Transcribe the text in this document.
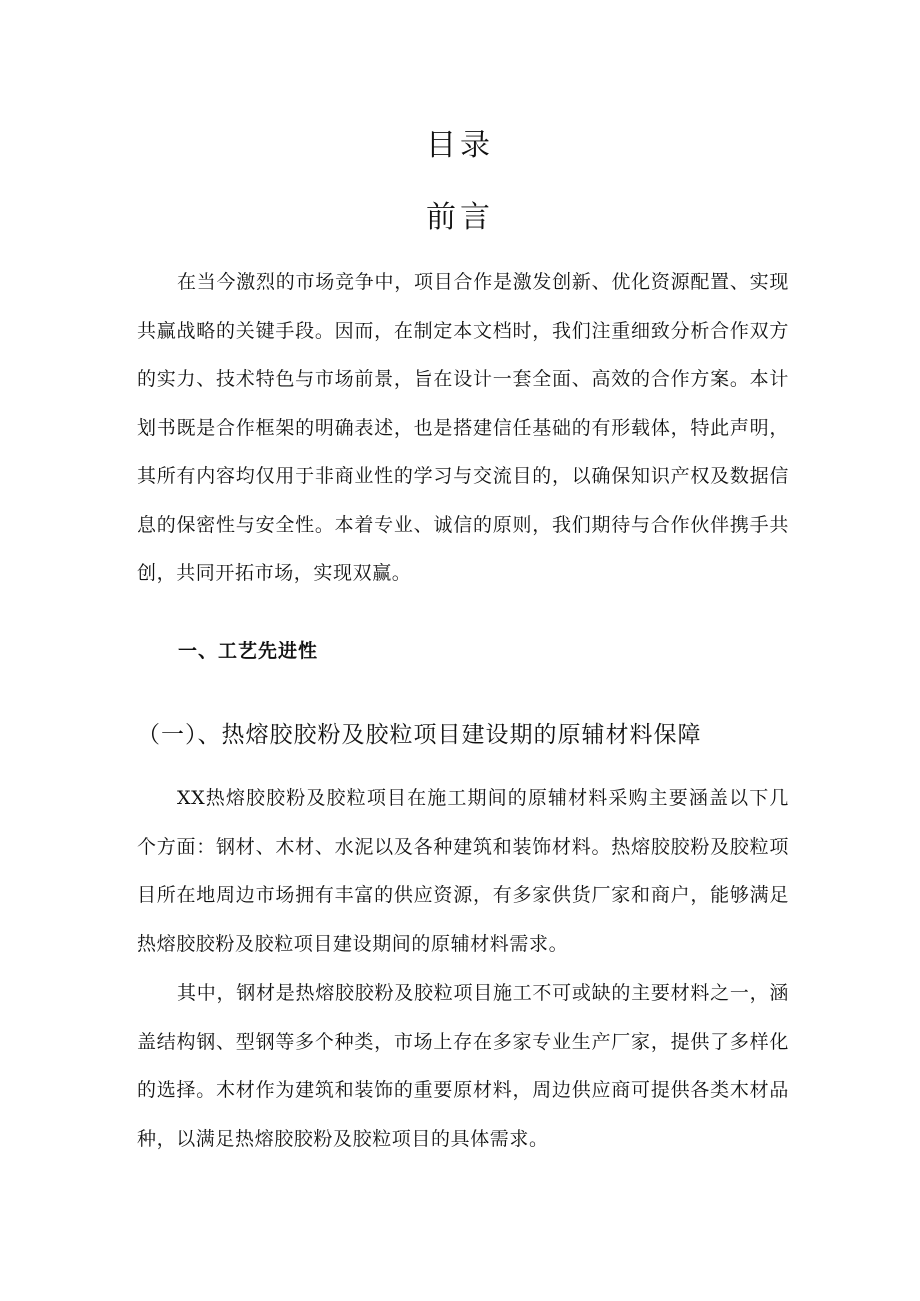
目录
前言

在当今激烈的市场竞争中，项目合作是激发创新、优化资源配置、实现共赢战略的关键手段。因而，在制定本文档时，我们注重细致分析合作双方的实力、技术特色与市场前景，旨在设计一套全面、高效的合作方案。本计划书既是合作框架的明确表述，也是搭建信任基础的有形载体，特此声明，其所有内容均仅用于非商业性的学习与交流目的，以确保知识产权及数据信息的保密性与安全性。本着专业、诚信的原则，我们期待与合作伙伴携手共创，共同开拓市场，实现双赢。

一、工艺先进性
（一）、热熔胶胶粉及胶粒项目建设期的原辅材料保障

XX热熔胶胶粉及胶粒项目在施工期间的原辅材料采购主要涵盖以下几个方面：钢材、木材、水泥以及各种建筑和装饰材料。热熔胶胶粉及胶粒项目所在地周边市场拥有丰富的供应资源，有多家供货厂家和商户，能够满足热熔胶胶粉及胶粒项目建设期间的原辅材料需求。

其中，钢材是热熔胶胶粉及胶粒项目施工不可或缺的主要材料之一，涵盖结构钢、型钢等多个种类，市场上存在多家专业生产厂家，提供了多样化的选择。木材作为建筑和装饰的重要原材料，周边供应商可提供各类木材品种，以满足热熔胶胶粉及胶粒项目的具体需求。
